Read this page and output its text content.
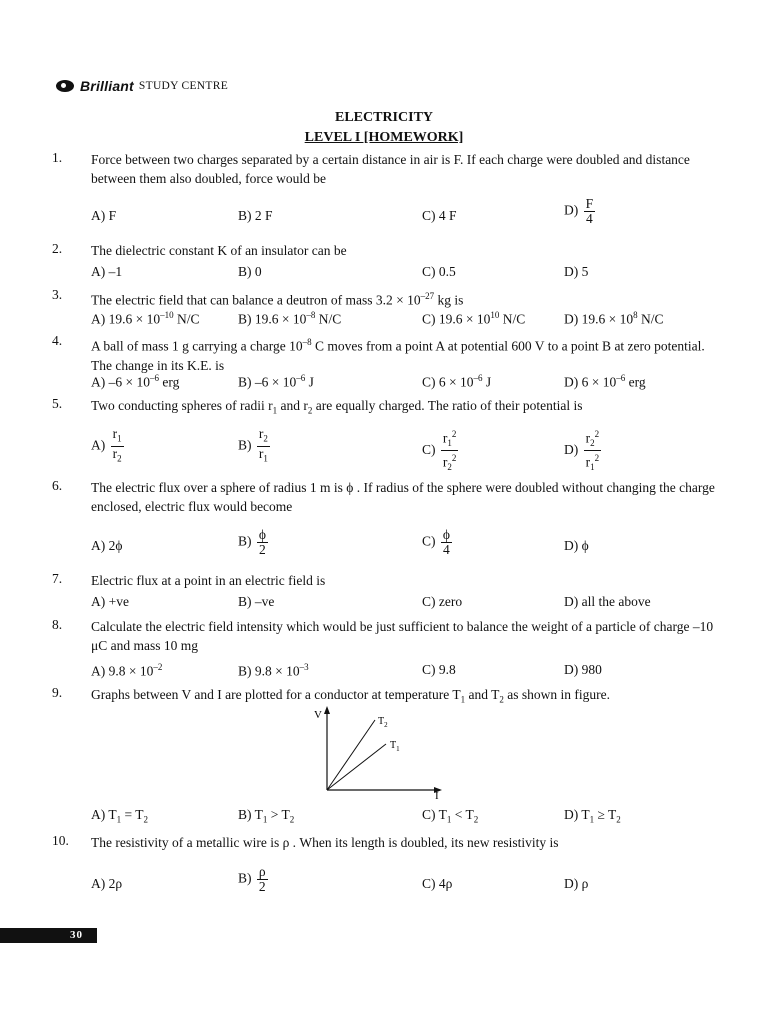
Brilliant STUDY CENTRE
ELECTRICITY
LEVEL I [HOMEWORK]
1.	Force between two charges separated by a certain distance in air is F. If each charge were doubled and distance between them also doubled, force would be
A) F	B) 2 F	C) 4 F	$D) \frac{F}{4}$
2.	The dielectric constant K of an insulator can be
A) –1	B) 0	C) 0.5	D) 5
3.	The electric field that can balance a deutron of mass $3.2 \times 10^{-27}$ kg is
A) $19.6 \times 10^{-10}$ N/C	B) $19.6 \times 10^{-8}$ N/C	C) $19.6 \times 10^{10}$ N/C	D) $19.6 \times 10^8$ N/C
4.	A ball of mass 1 g carrying a charge $10^{-8}$ C moves from a point A at potential 600 V to a point B at zero potential. The change in its K.E. is
A) $-6 \times 10^{-6}$ erg	B) $-6 \times 10^{-6}$ J	C) $6 \times 10^{-6}$ J	D) $6 \times 10^{-6}$ erg
5.	Two conducting spheres of radii $r_1$ and $r_2$ are equally charged. The ratio of their potential is
$A) \frac{r_1}{r_2}$	$B) \frac{r_2}{r_1}$	$C) \frac{r_1^2}{r_2^2}$	$D) \frac{r_2^2}{r_1^2}$
6.	The electric flux over a sphere of radius 1 m is ϕ . If radius of the sphere were doubled without changing the charge enclosed, electric flux would become
A) 2ϕ	$B) \frac{\phi}{2}$	$C) \frac{\phi}{4}$	D) ϕ
7.	Electric flux at a point in an electric field is
A) +ve	B) –ve	C) zero	D) all the above
8.	Calculate the electric field intensity which would be just sufficient to balance the weight of a particle of charge –10 μC and mass 10 mg
A) $9.8 \times 10^{-2}$	B) $9.8 \times 10^{-3}$	C) 9.8	D) 980
9.	Graphs between V and I are plotted for a conductor at temperature $T_1$ and $T_2$ as shown in figure.
V
I
$T_2$
$T_1$
A) $T_1 = T_2$	B) $T_1 > T_2$	C) $T_1 < T_2$	D) $T_1 \ge T_2$
10. The resistivity of a metallic wire is ρ . When its length is doubled, its new resistivity is
A) 2ρ	$B) \frac{\rho}{2}$	C) 4ρ	D) ρ
30
